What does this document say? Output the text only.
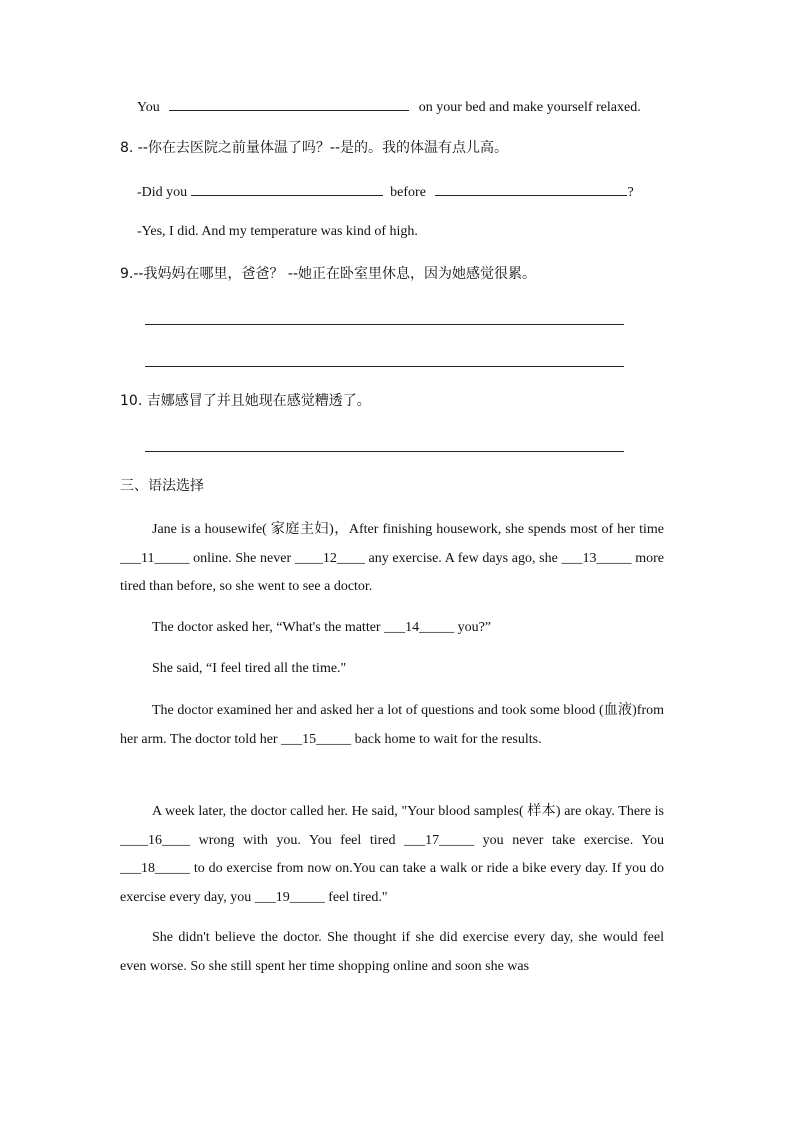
You	on your bed and make yourself relaxed.
8. --你在去医院之前量体温了吗？--是的。我的体温有点儿高。
-Did you	before	?
-Yes, I did. And my temperature was kind of high.
9.--我妈妈在哪里，爸爸？ --她正在卧室里休息，因为她感觉很累。
10. 吉娜感冒了并且她现在感觉糟透了。
三、语法选择
Jane is a housewife( 家庭主妇)，After finishing housework, she spends most of her time ___11_____ online. She never ____12____ any exercise. A few days ago, she ___13_____ more tired than before, so she went to see a doctor.
The doctor asked her, “What's the matter ___14_____ you?”
She said, “I feel tired all the time."
The doctor examined her and asked her a lot of questions and took some blood (血液)from her arm. The doctor told her ___15_____ back home to wait for the results.
A week later, the doctor called her. He said, "Your blood samples( 样本) are okay. There is ____16____ wrong with you. You feel tired ___17_____ you never take exercise. You ___18_____ to do exercise from now on.You can take a walk or ride a bike every day. If you do exercise every day, you ___19_____ feel tired."
She didn't believe the doctor. She thought if she did exercise every day, she would feel even worse. So she still spent her time shopping online and soon she was
